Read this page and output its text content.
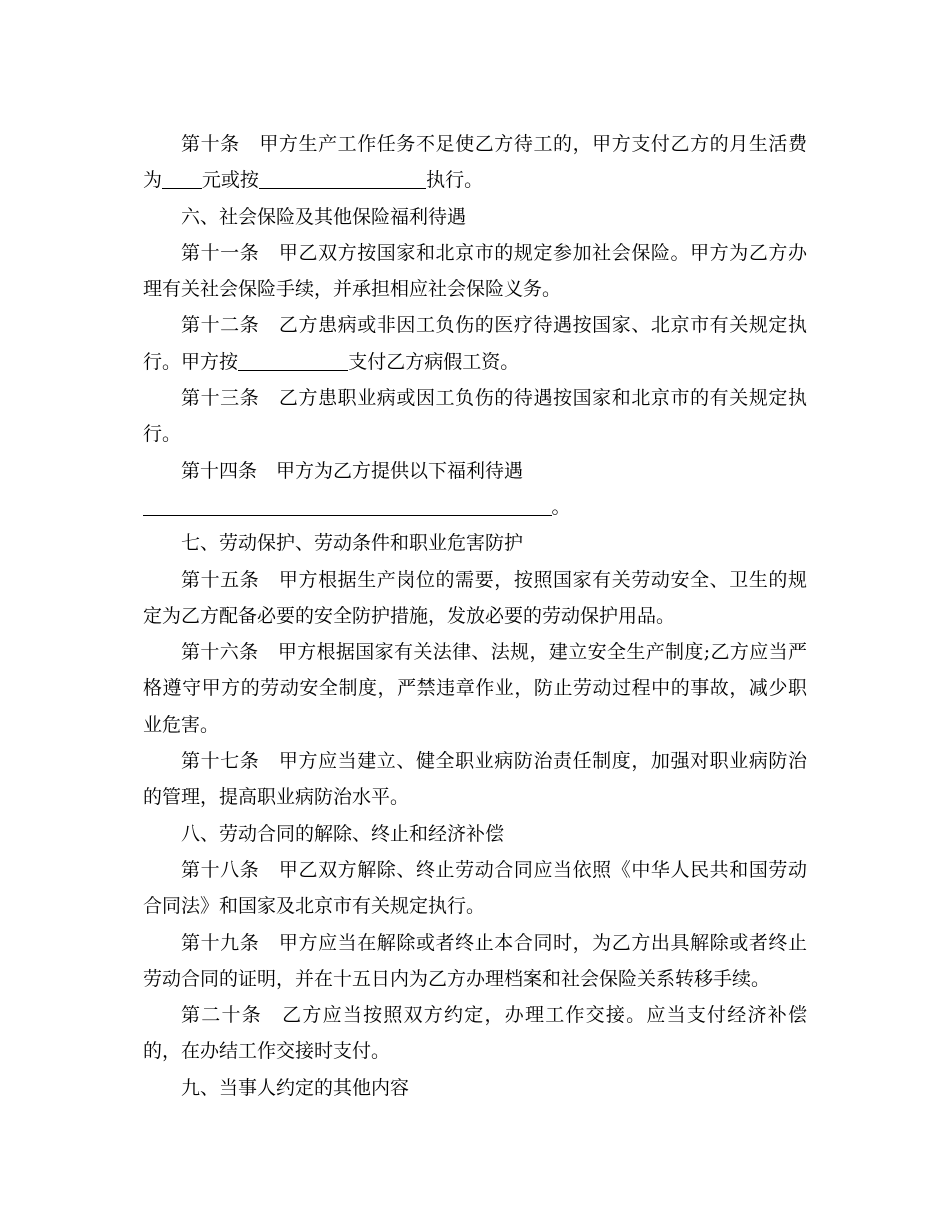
第十条 甲方生产工作任务不足使乙方待工的，甲方支付乙方的月生活费为 元或按	执行。

六、社会保险及其他保险福利待遇

第十一条 甲乙双方按国家和北京市的规定参加社会保险。甲方为乙方办理有关社会保险手续，并承担相应社会保险义务。

第十二条 乙方患病或非因工负伤的医疗待遇按国家、北京市有关规定执行。甲方按	支付乙方病假工资。

第十三条 乙方患职业病或因工负伤的待遇按国家和北京市的有关规定执行。

第十四条 甲方为乙方提供以下福利待遇

。

七、劳动保护、劳动条件和职业危害防护

第十五条 甲方根据生产岗位的需要，按照国家有关劳动安全、卫生的规定为乙方配备必要的安全防护措施，发放必要的劳动保护用品。

第十六条 甲方根据国家有关法律、法规，建立安全生产制度;乙方应当严格遵守甲方的劳动安全制度，严禁违章作业，防止劳动过程中的事故，减少职业危害。

第十七条 甲方应当建立、健全职业病防治责任制度，加强对职业病防治的管理，提高职业病防治水平。

八、劳动合同的解除、终止和经济补偿

第十八条 甲乙双方解除、终止劳动合同应当依照《中华人民共和国劳动合同法》和国家及北京市有关规定执行。

第十九条 甲方应当在解除或者终止本合同时，为乙方出具解除或者终止劳动合同的证明，并在十五日内为乙方办理档案和社会保险关系转移手续。

第二十条 乙方应当按照双方约定，办理工作交接。应当支付经济补偿的，在办结工作交接时支付。

九、当事人约定的其他内容
